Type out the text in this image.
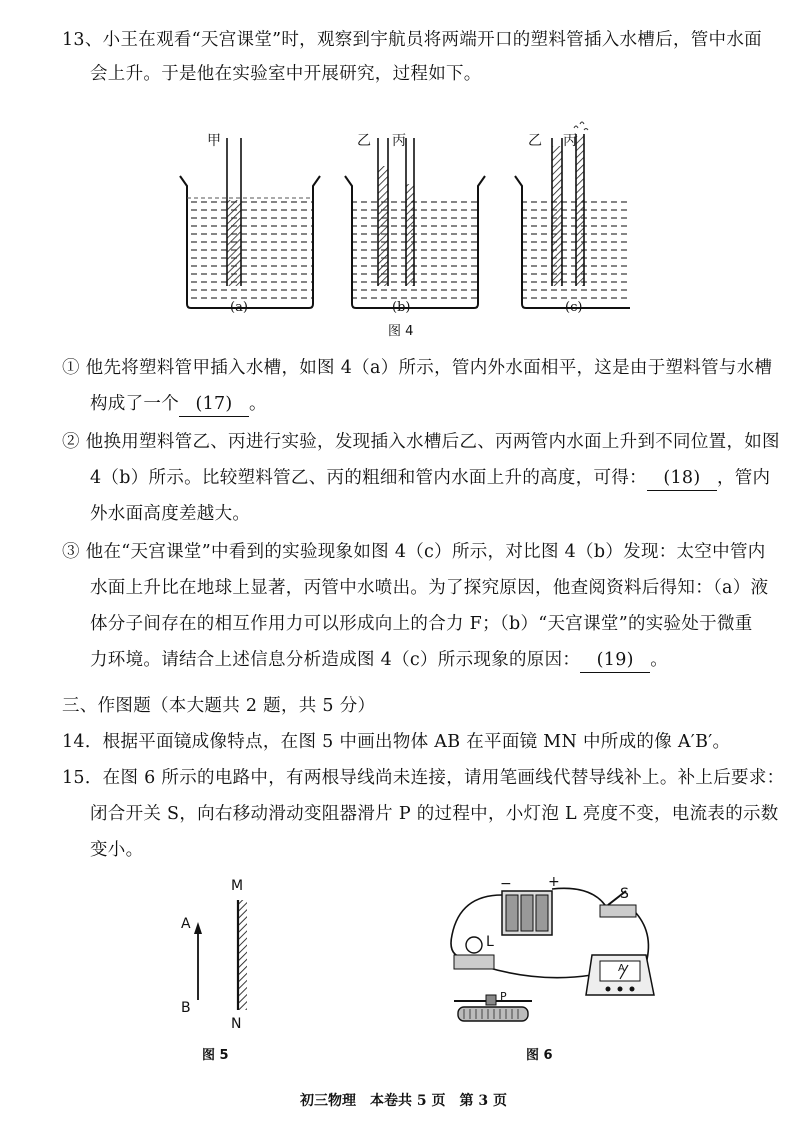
13、小王在观看“天宫课堂”时，观察到宇航员将两端开口的塑料管插入水槽后，管中水面
会上升。于是他在实验室中开展研究，过程如下。
甲	乙 丙	乙 丙
(a)	(b)	(c)
图 4
① 他先将塑料管甲插入水槽，如图 4（a）所示，管内外水面相平，这是由于塑料管与水槽
构成了一个 (17) 。
② 他换用塑料管乙、丙进行实验，发现插入水槽后乙、丙两管内水面上升到不同位置，如图
4（b）所示。比较塑料管乙、丙的粗细和管内水面上升的高度，可得： (18) ，管内
外水面高度差越大。
③ 他在“天宫课堂”中看到的实验现象如图 4（c）所示，对比图 4（b）发现：太空中管内
水面上升比在地球上显著，丙管中水喷出。为了探究原因，他查阅资料后得知：（a）液
体分子间存在的相互作用力可以形成向上的合力 F；（b）“天宫课堂”的实验处于微重
力环境。请结合上述信息分析造成图 4（c）所示现象的原因： (19) 。
三、作图题（本大题共 2 题，共 5 分）
14．根据平面镜成像特点，在图 5 中画出物体 AB 在平面镜 MN 中所成的像 A′B′。
15．在图 6 所示的电路中，有两根导线尚未连接，请用笔画线代替导线补上。补上后要求：
闭合开关 S，向右移动滑动变阻器滑片 P 的过程中，小灯泡 L 亮度不变，电流表的示数
变小。
M
N
A
B
图 5
−	+
S
L
A
P
图 6
初三物理　本卷共 5 页　第 3 页
